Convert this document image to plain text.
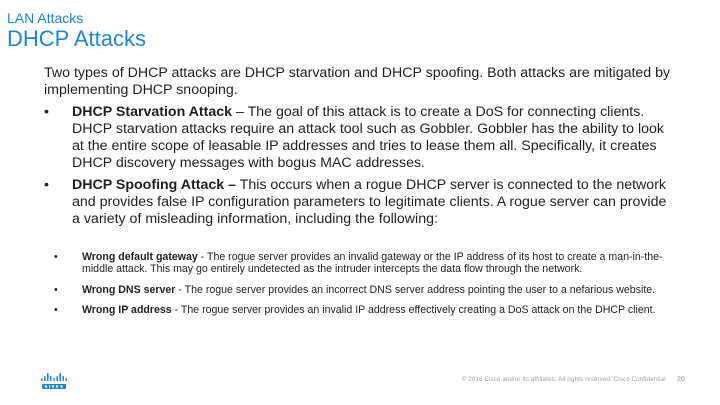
LAN Attacks
DHCP Attacks

Two types of DHCP attacks are DHCP starvation and DHCP spoofing. Both attacks are mitigated by implementing DHCP snooping.

•	DHCP Starvation Attack – The goal of this attack is to create a DoS for connecting clients. DHCP starvation attacks require an attack tool such as Gobbler. Gobbler has the ability to look at the entire scope of leasable IP addresses and tries to lease them all. Specifically, it creates DHCP discovery messages with bogus MAC addresses.
•	DHCP Spoofing Attack – This occurs when a rogue DHCP server is connected to the network and provides false IP configuration parameters to legitimate clients. A rogue server can provide a variety of misleading information, including the following:
• Wrong default gateway - The rogue server provides an invalid gateway or the IP address of its host to create a man-in-the-middle attack. This may go entirely undetected as the intruder intercepts the data flow through the network.
• Wrong DNS server - The rogue server provides an incorrect DNS server address pointing the user to a nefarious website.
• Wrong IP address - The rogue server provides an invalid IP address effectively creating a DoS attack on the DHCP client.
© 2016 Cisco and/or its affiliates. All rights reserved. Cisco Confidential 20
